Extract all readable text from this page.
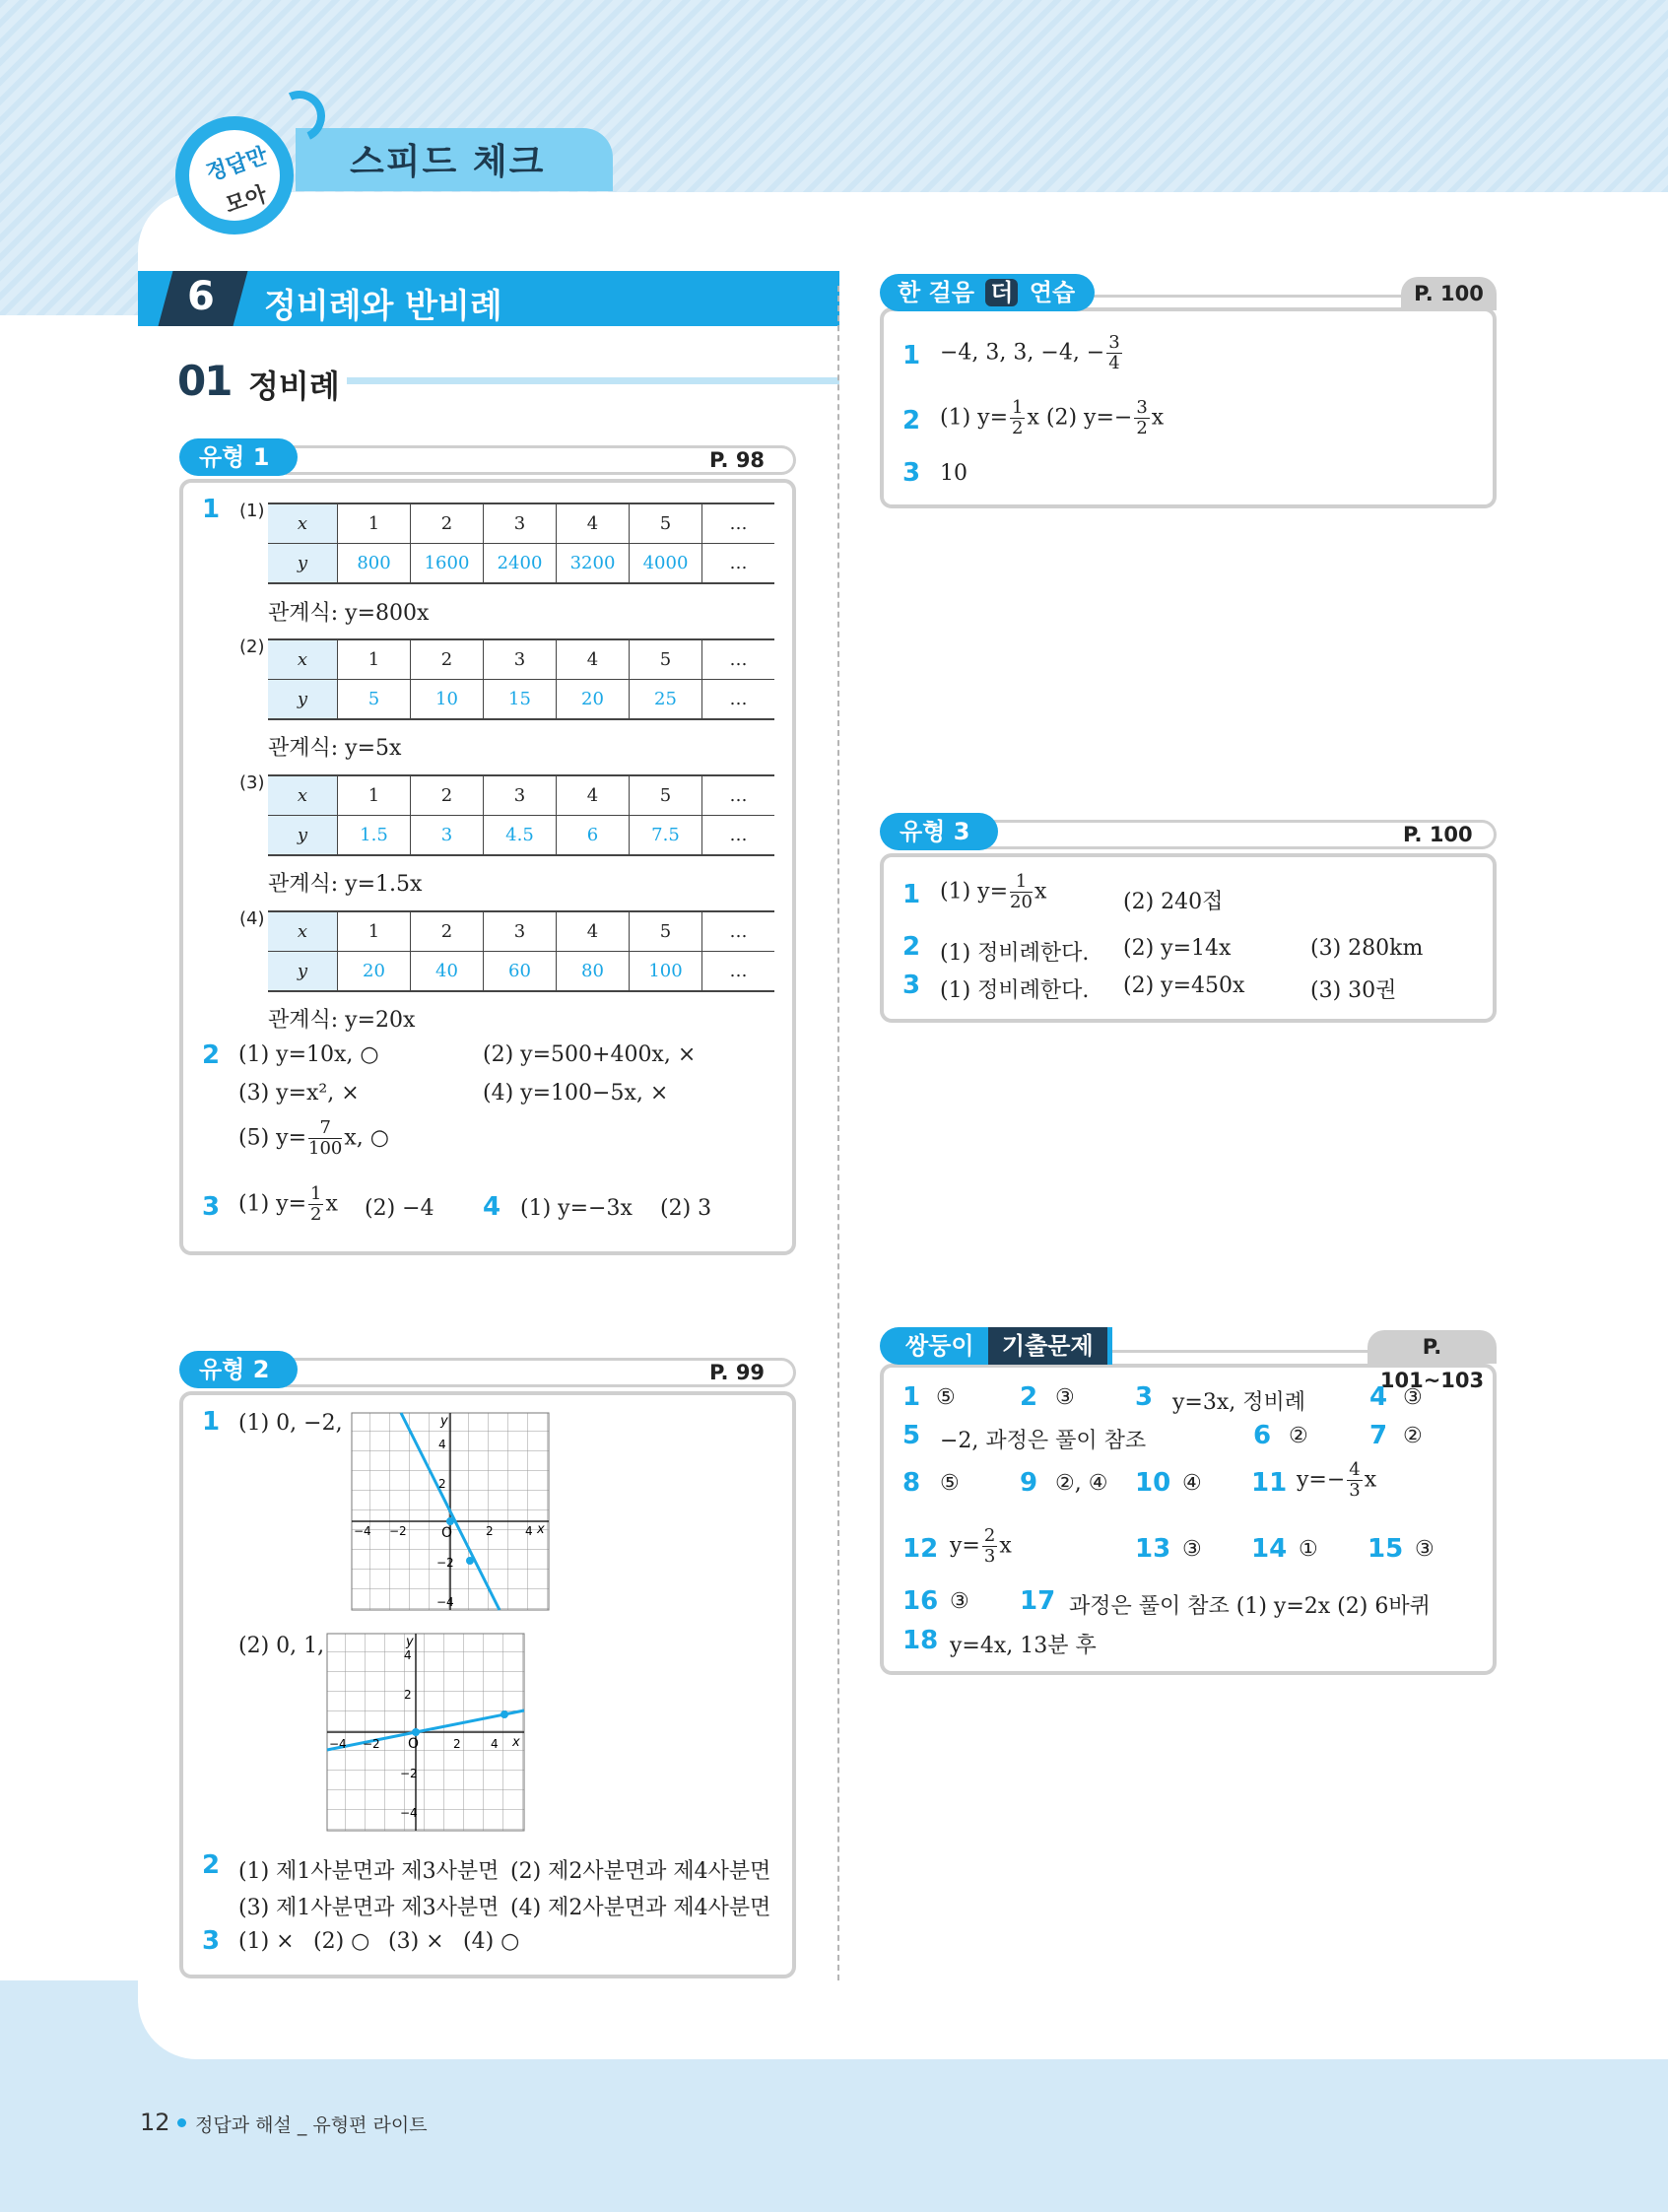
스피드 체크
정답만
모아
6 정비례와 반비례
01 정비례
유형 1	P. 98
1 (1)
x	1	2	3	4	5	…
y	800	1600	2400	3200	4000	…
관계식: y=800x
(2)
x	1	2	3	4	5	…
y	5	10	15	20	25	…
관계식: y=5x
(3)
x	1	2	3	4	5	…
y	1.5	3	4.5	6	7.5	…
관계식: y=1.5x
(4)
x	1	2	3	4	5	…
y	20	40	60	80	100	…
관계식: y=20x
2 (1) y=10x, ○	(2) y=500+400x, ×
(3) y=x², ×	(4) y=100−5x, ×
(5) $y= \frac{7}{100} x$, ○
3 (1) $y= \frac{1}{2}$ x (2) −4 4 (1) y=−3x (2) 3
유형 2	P. 99
1 (1) 0, −2,	y
x
O
4
2
−2
−4
−4 −2	2	4
(2) 0, 1,	y
x
O
4
2
−2
−4
−4 −2	2	4
2 (1) 제1사분면과 제3사분면 (2) 제2사분면과 제4사분면
(3) 제1사분면과 제3사분면 (4) 제2사분면과 제4사분면
3 (1) × (2) ○ (3) × (4) ○
P. 100
한 걸음 더 연습
1 −4, 3, 3, −4, − $\frac{3}{4}$
2 (1) $y= \frac{1}{2}$ x (2) $y=- \frac{3}{2}$ x
3 10
유형 3	P. 100
1 (1) $y= \frac{1}{20}$ x	(2) 240접
2 (1) 정비례한다. (2) y=14x	(3) 280km
3 (1) 정비례한다. (2) y=450x	(3) 30권
P. 101~103
쌍둥이 기출문제
1 ⑤	2 ③ 3 y=3x, 정비례 4 ③
5 −2, 과정은 풀이 참조	6 ② 7 ②
8 ⑤ 9 ②, ④ 10 ④ 11 $y=- \frac{4}{3}$ x
12 $y= \frac{2}{3}$ x	13 ③ 14 ① 15 ③
16 ③ 17 과정은 풀이 참조 (1) y=2x (2) 6바퀴
18 y=4x, 13분 후
12 정답과 해설 _ 유형편 라이트
